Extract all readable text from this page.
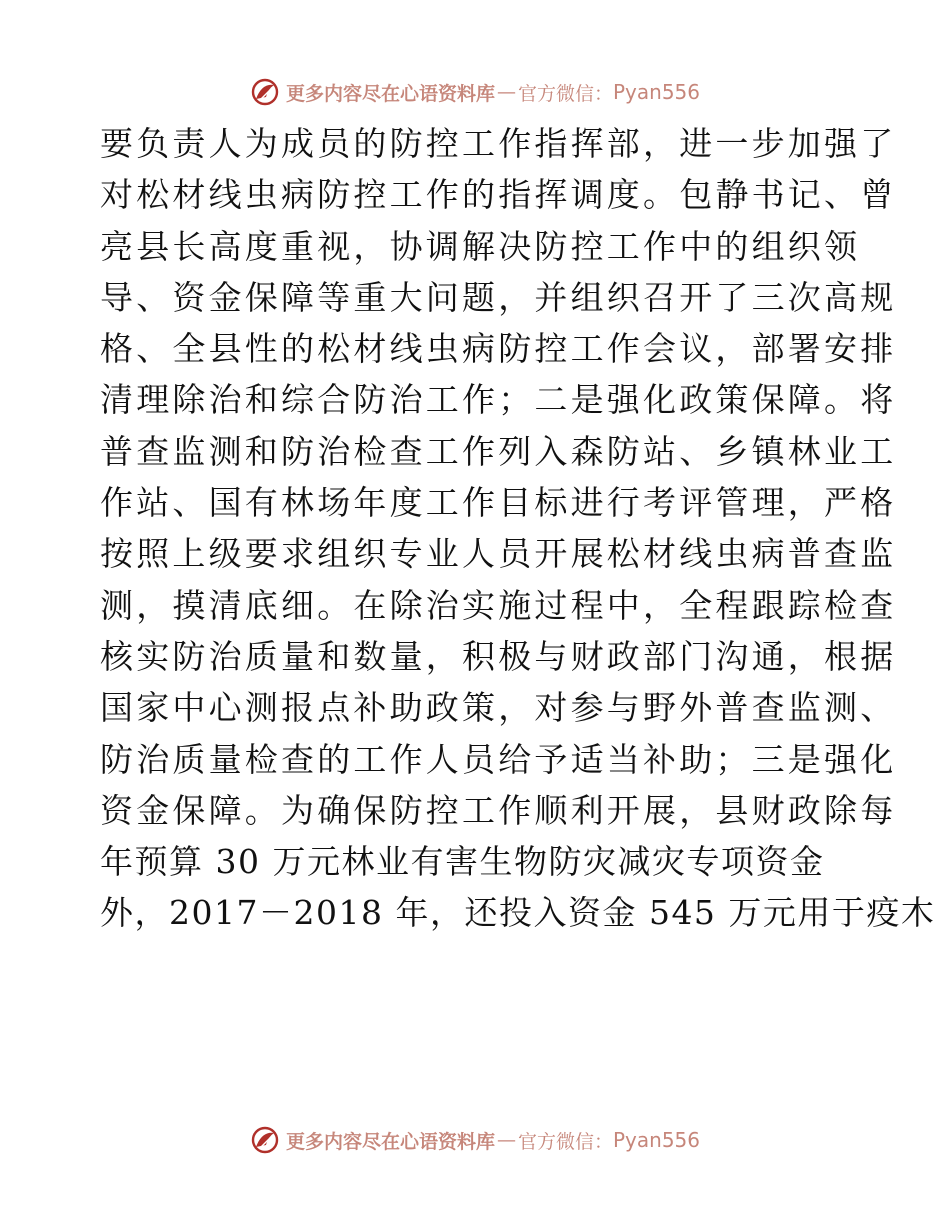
更多内容尽在心语资料库 — 官方微信： Pyan556
要负责人为成员的防控工作指挥部，进一步加强了
对松材线虫病防控工作的指挥调度。包静书记、曾
亮县长高度重视，协调解决防控工作中的组织领
导、资金保障等重大问题，并组织召开了三次高规
格、全县性的松材线虫病防控工作会议，部署安排
清理除治和综合防治工作；二是强化政策保障。将
普查监测和防治检查工作列入森防站、乡镇林业工
作站、国有林场年度工作目标进行考评管理，严格
按照上级要求组织专业人员开展松材线虫病普查监
测，摸清底细。在除治实施过程中，全程跟踪检查
核实防治质量和数量，积极与财政部门沟通，根据
国家中心测报点补助政策，对参与野外普查监测、
防治质量检查的工作人员给予适当补助；三是强化
资金保障。为确保防控工作顺利开展，县财政除每
年预算 30 万元林业有害生物防灾减灾专项资金
外，2017－2018 年，还投入资金 545 万元用于疫木
更多内容尽在心语资料库 — 官方微信： Pyan556
